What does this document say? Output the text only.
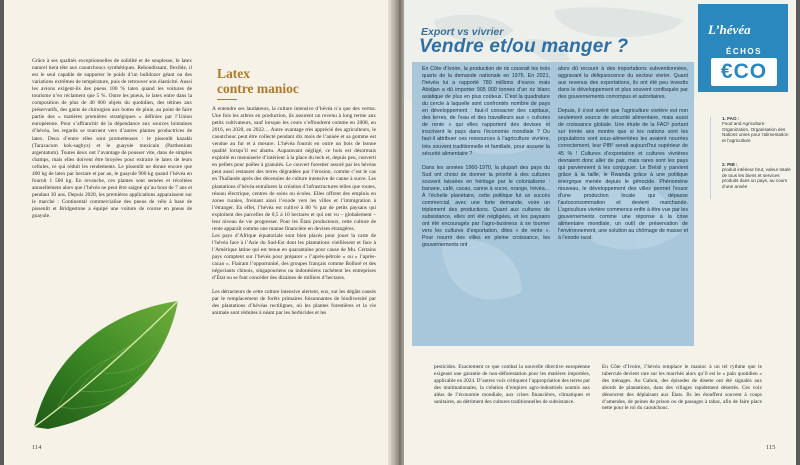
Grâce à ses qualités exceptionnelles de solidité et de souplesse, le latex naturel tient tête aux caoutchoucs synthétiques. Rebondissant, flexible, il est le seul capable de supporter le poids d’un bulldozer géant ou des variations extrêmes de température, puis de retrouver son élasticité. Aussi les avions exigent-ils des pneus 100 % latex quand les voitures de tourisme n’en réclament que 5 %. Outre les pneus, le latex entre dans la composition de plus de 40 000 objets du quotidien, des tétines aux préservatifs, des gants de chirurgien aux bottes de pluie, au point de faire partie des « matières premières stratégiques » définies par l’Union européenne. Pour s’affranchir de la dépendance aux sources lointaines d’hévéa, les regards se tournent vers d’autres plantes productrices de latex. Deux d’entre elles sont prometteuses : le pissenlit kazakh (Taraxacum kok-saghyz) et le guayule mexicain (Parthenium argentatum). Toutes deux ont l’avantage de pousser vite, dans de simples champs, mais elles doivent être broyées pour extraire le latex de leurs cellules, ce qui réduit les rendements. Le pissenlit ne donne encore que 400 kg de latex par hectare et par an, le guayule 900 kg quand l’hévéa en fournit 1 500 kg. En revanche, ces plantes sont semées et récoltées annuellement alors que l’hévéa ne peut être saigné qu’au bout de 7 ans et pendant 30 ans. Depuis 2020, les premières applications apparaissent sur le marché : Continental commercialise des pneus de vélo à base de pissenlit et Bridgestone a équipé une voiture de course en pneus de guayule.

Latex
contre manioc

À entendre ses laudateurs, la culture intensive d’hévéa n’a que des vertus. Une fois les arbres en production, ils assurent un revenu à long terme aux petits cultivateurs, sauf lorsque les cours s’effondrent comme en 2008, en 2016, en 2020, en 2022… Autre avantage très apprécié des agriculteurs, le caoutchouc peut être collecté pendant dix mois de l’année et sa gomme est vendue au fur et à mesure. L’hévéa fournit en outre un bois de bonne qualité lorsqu’il est abattu. Auparavant négligé, ce bois est désormais exploité en menuiserie d’intérieur à la place du teck et, depuis peu, converti en pellets pour poêles à granulés. Le couvert forestier assuré par les hévéas peut aussi restaurer des terres dégradées par l’érosion, comme c’est le cas en Thaïlande après des décennies de culture intensive de canne à sucre. Les plantations d’hévéa entraînent la création d’infrastructures telles que routes, réseau électrique, centres de soins ou écoles. Elles offrent des emplois en zones rurales, freinant ainsi l’exode vers les villes et l’immigration à l’étranger. En effet, l’hévéa est cultivé à 80 % par de petits paysans qui exploitent des parcelles de 0,5 à 10 hectares et qui ont vu – globalement – leur niveau de vie progresser. Pour les États producteurs, cette culture de rente apparaît comme une manne financière en devises étrangères.

Les pays d’Afrique équatoriale sont bien placés pour jouer la carte de l’hévéa face à l’Asie du Sud-Est dont les plantations vieillissent et face à l’Amérique latine qui est tenue en quarantaine pour cause de Mu. Certains pays comptent sur l’hévéa pour préparer « l’après-pétrole » ou « l’après-cacao ». Flairant l’opportunité, des groupes français comme Bolloré et des négociants chinois, singapouriens ou indonésiens rachètent les entreprises d’État ou se font concéder des dizaines de milliers d’hectares.

Les détracteurs de cette culture intensive alertent, eux, sur les dégâts causés par le remplacement de forêts primaires foisonnantes de biodiversité par des plantations d’hévéas rectilignes, où les plantes forestières et la vie animale sont réduites à néant par les herbicides et les

114
Export vs vivrier
Vendre et/ou manger ?

En Côte d’Ivoire, la production de riz couvrait les trois quarts de la demande nationale en 1976. En 2021, l’hévéa lui a rapporté 780 millions d’euros mais Abidjan a dû importer 905 000 tonnes d’un riz blanc asiatique de plus en plus coûteux. C’est la quadrature du cercle à laquelle sont confrontés nombre de pays en développement : faut-il consacrer des capitaux, des terres, de l’eau et des travailleurs aux « cultures de rente » qui elles rapportent des devises et inscrivent le pays dans l’économie mondiale ? Ou faut-il attribuer ces ressources à l’agriculture vivrière, très souvent traditionnelle et familiale, pour assurer la sécurité alimentaire ?

Dans les années 1960-1970, la plupart des pays du Sud ont choisi de donner la priorité à des cultures souvent laissées en héritage par le colonialisme : banane, café, cacao, canne à sucre, orange, hévéa… À l’échelle planétaire, cette politique fut un succès commercial, avec une forte demande, voire un triplement des productions. Quant aux cultures de subsistance, elles ont été négligées, et les paysans ont été encouragés par l’agro-business à se tourner vers les cultures d’exportation, dites « de rente ». Pour nourrir des villes en pleine croissance, les gouvernements ont

alors dû recourir à des importations subventionnées, aggravant la déliquescence du secteur vivrier. Quant aux revenus des exportations, ils ont été peu investis dans le développement et plus souvent confisqués par des gouvernements corrompus et autoritaires.

Depuis, il s’est avéré que l’agriculture vivrière est non seulement source de sécurité alimentaire, mais aussi de croissance globale. Une étude de la FAO¹ portant sur trente ans montre que si les nations sont les populations sont sous-alimentées les avaient nourries correctement, leur PIB² serait aujourd’hui supérieur de 45 % ! Cultures d’exportation et cultures vivrières devraient donc aller de pair, mais rares sont les pays qui parviennent à les conjuguer. Le Brésil y parvient grâce à la taille, le Rwanda grâce à une politique énergique menée depuis le génocide. Phénomène nouveau, le développement des villes permet l’essor d’une production locale qui dépasse l’autoconsommation et devient marchande. L’agriculture vivrière commence enfin à être vue par les gouvernements comme une réponse à la crise alimentaire mondiale, un outil de préservation de l’environnement, une solution au chômage de masse et à l’exode rural.

L’hévéa
ÉCHOS
€CO
1. FAO :
Food and Agriculture Organization, Organisation des Nations unies pour l’alimentation et l’agriculture
2. PIB :
produit intérieur brut, valeur totale de tous les biens et services produits dans un pays, au cours d’une année

pesticides. Exactement ce que combat la nouvelle directive européenne exigeant une garantie de non-déforestation pour les matières importées, applicable en 2024. D’autres voix critiquent l’appropriation des terres par des multinationales, la création d’empires agro-industriels soumis aux aléas de l’économie mondiale, aux crises financières, climatiques et sanitaires, au détriment des cultures traditionnelles de subsistance.

En Côte d’Ivoire, l’hévéa remplace le manioc à un tel rythme que le tubercule devient rare sur les marchés alors qu’il est le « pain quotidien » des ménages. Au Gabon, des épisodes de disette ont été signalés aux abords de plantations, dans des villages rapidement désertés. Ces voix dénoncent des déplaisant aux États. Ils les étouffent souvent à coups d’amendes, de peines de prison ou de passages à tabac, afin de faire place nette pour le roi du caoutchouc.

115
